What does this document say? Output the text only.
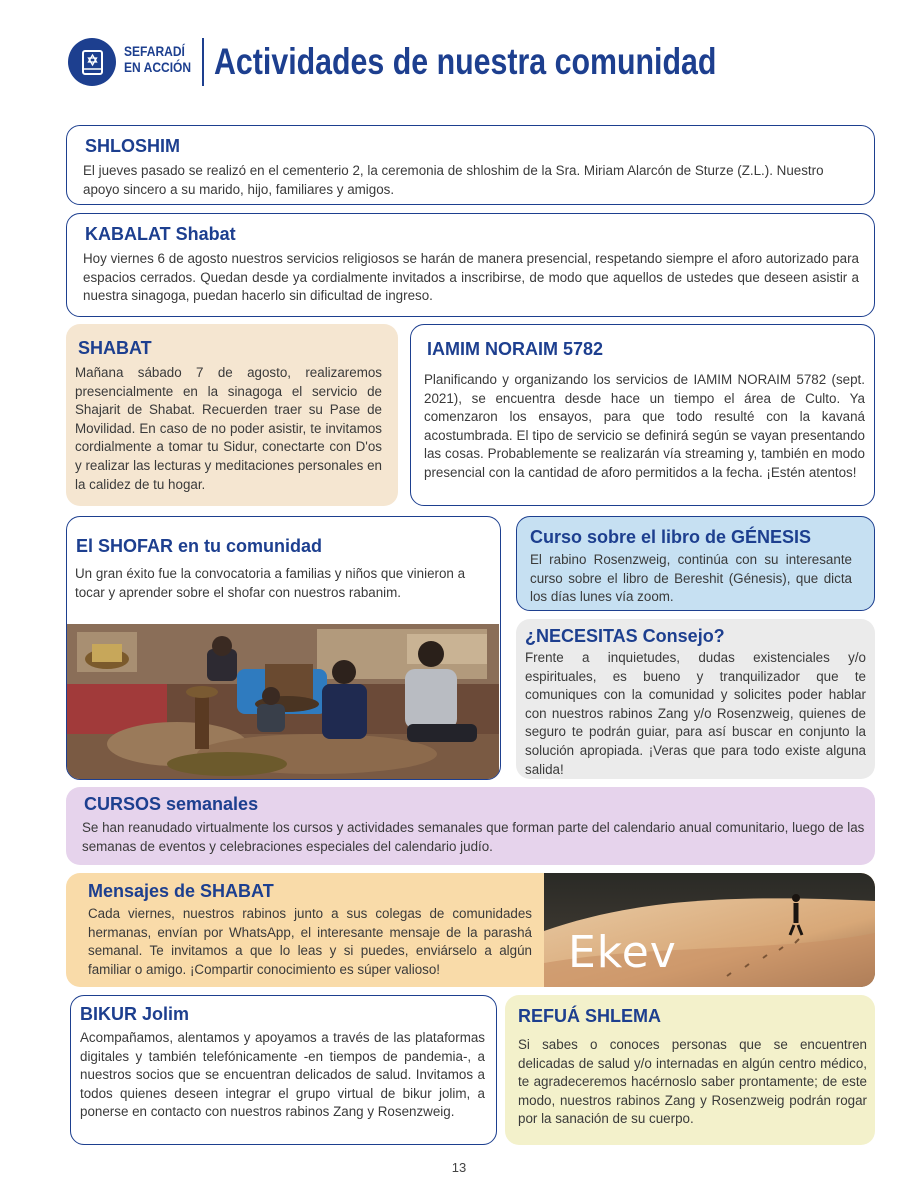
SEFARADÍ
EN ACCIÓN Actividades de nuestra comunidad
SHLOSHIM
El jueves pasado se realizó en el cementerio 2, la ceremonia de shloshim de la Sra. Miriam Alarcón de Sturze (Z.L.). Nuestro apoyo sincero a su marido, hijo, familiares y amigos.
KABALAT Shabat
Hoy viernes 6 de agosto nuestros servicios religiosos se harán de manera presencial, respetando siempre el aforo autorizado para espacios cerrados. Quedan desde ya cordialmente invitados a inscribirse, de modo que aquellos de ustedes que deseen asistir a nuestra sinagoga, puedan hacerlo sin dificultad de ingreso.
SHABAT
Mañana sábado 7 de agosto, realizaremos presencialmente en la sinagoga el servicio de Shajarit de Shabat. Recuerden traer su Pase de Movilidad. En caso de no poder asistir, te invitamos cordialmente a tomar tu Sidur, conectarte con D'os y realizar las lecturas y meditaciones personales en la calidez de tu hogar.
IAMIM NORAIM 5782
Planificando y organizando los servicios de IAMIM NORAIM 5782 (sept. 2021), se encuentra desde hace un tiempo el área de Culto. Ya comenzaron los ensayos, para que todo resulté con la kavaná acostumbrada. El tipo de servicio se definirá según se vayan presentando las cosas. Probablemente se realizarán vía streaming y, también en modo presencial con la cantidad de aforo permitidos a la fecha. ¡Estén atentos!
El SHOFAR en tu comunidad
Un gran éxito fue la convocatoria a familias y niños que vinieron a tocar y aprender sobre el shofar con nuestros rabanim.
Curso sobre el libro de GÉNESIS
El rabino Rosenzweig, continúa con su interesante curso sobre el libro de Bereshit (Génesis), que dicta los días lunes vía zoom.
¿NECESITAS Consejo?
Frente a inquietudes, dudas existenciales y/o espirituales, es bueno y tranquilizador que te comuniques con la comunidad y solicites poder hablar con nuestros rabinos Zang y/o Rosenzweig, quienes de seguro te podrán guiar, para así buscar en conjunto la solución apropiada. ¡Veras que para todo existe alguna salida!
CURSOS semanales
Se han reanudado virtualmente los cursos y actividades semanales que forman parte del calendario anual comunitario, luego de las semanas de eventos y celebraciones especiales del calendario judío.
Mensajes de SHABAT
Cada viernes, nuestros rabinos junto a sus colegas de comunidades hermanas, envían por WhatsApp, el interesante mensaje de la parashá semanal. Te invitamos a que lo leas y si puedes, enviárselo a algún familiar o amigo. ¡Compartir conocimiento es súper valioso!	Ekev
BIKUR Jolim
Acompañamos, alentamos y apoyamos a través de las plataformas digitales y también telefónicamente -en tiempos de pandemia-, a nuestros socios que se encuentran delicados de salud. Invitamos a todos quienes deseen integrar el grupo virtual de bikur jolim, a ponerse en contacto con nuestros rabinos Zang y Rosenzweig.
REFUÁ SHLEMA
Si sabes o conoces personas que se encuentren delicadas de salud y/o internadas en algún centro médico, te agradeceremos hacérnoslo saber prontamente; de este modo, nuestros rabinos Zang y Rosenzweig podrán rogar por la sanación de su cuerpo.
13
